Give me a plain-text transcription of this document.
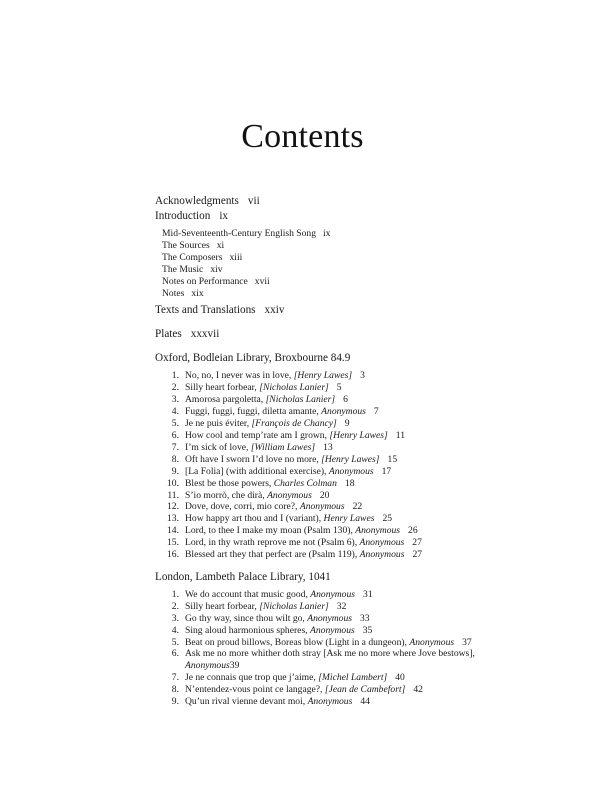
Contents
Acknowledgments vii
Introduction ix
Mid-Seventeenth-Century English Song ix
The Sources xi
The Composers xiii
The Music xiv
Notes on Performance xvii
Notes xix
Texts and Translations xxiv
Plates xxxvii
Oxford, Bodleian Library, Broxbourne 84.9
1. No, no, I never was in love, [Henry Lawes] 3
2. Silly heart forbear, [Nicholas Lanier] 5
3. Amorosa pargoletta, [Nicholas Lanier] 6
4. Fuggi, fuggi, fuggi, diletta amante, Anonymous 7
5. Je ne puis éviter, [François de Chancy] 9
6. How cool and temp’rate am I grown, [Henry Lawes] 11
7. I’m sick of love, [William Lawes] 13
8. Oft have I sworn I’d love no more, [Henry Lawes] 15
9. [La Folia] (with additional exercise), Anonymous 17
10. Blest be those powers, Charles Colman 18
11. S’io morrò, che dirà, Anonymous 20
12. Dove, dove, corri, mio core?, Anonymous 22
13. How happy art thou and I (variant), Henry Lawes 25
14. Lord, to thee I make my moan (Psalm 130), Anonymous 26
15. Lord, in thy wrath reprove me not (Psalm 6), Anonymous 27
16. Blessed art they that perfect are (Psalm 119), Anonymous 27
London, Lambeth Palace Library, 1041
1. We do account that music good, Anonymous 31
2. Silly heart forbear, [Nicholas Lanier] 32
3. Go thy way, since thou wilt go, Anonymous 33
4. Sing aloud harmonious spheres, Anonymous 35
5. Beat on proud billows, Boreas blow (Light in a dungeon), Anonymous 37
6. Ask me no more whither doth stray [Ask me no more where Jove bestows], Anonymous39
7. Je ne connais que trop que j’aime, [Michel Lambert] 40
8. N’entendez-vous point ce langage?, [Jean de Cambefort] 42
9. Qu’un rival vienne devant moi, Anonymous 44
